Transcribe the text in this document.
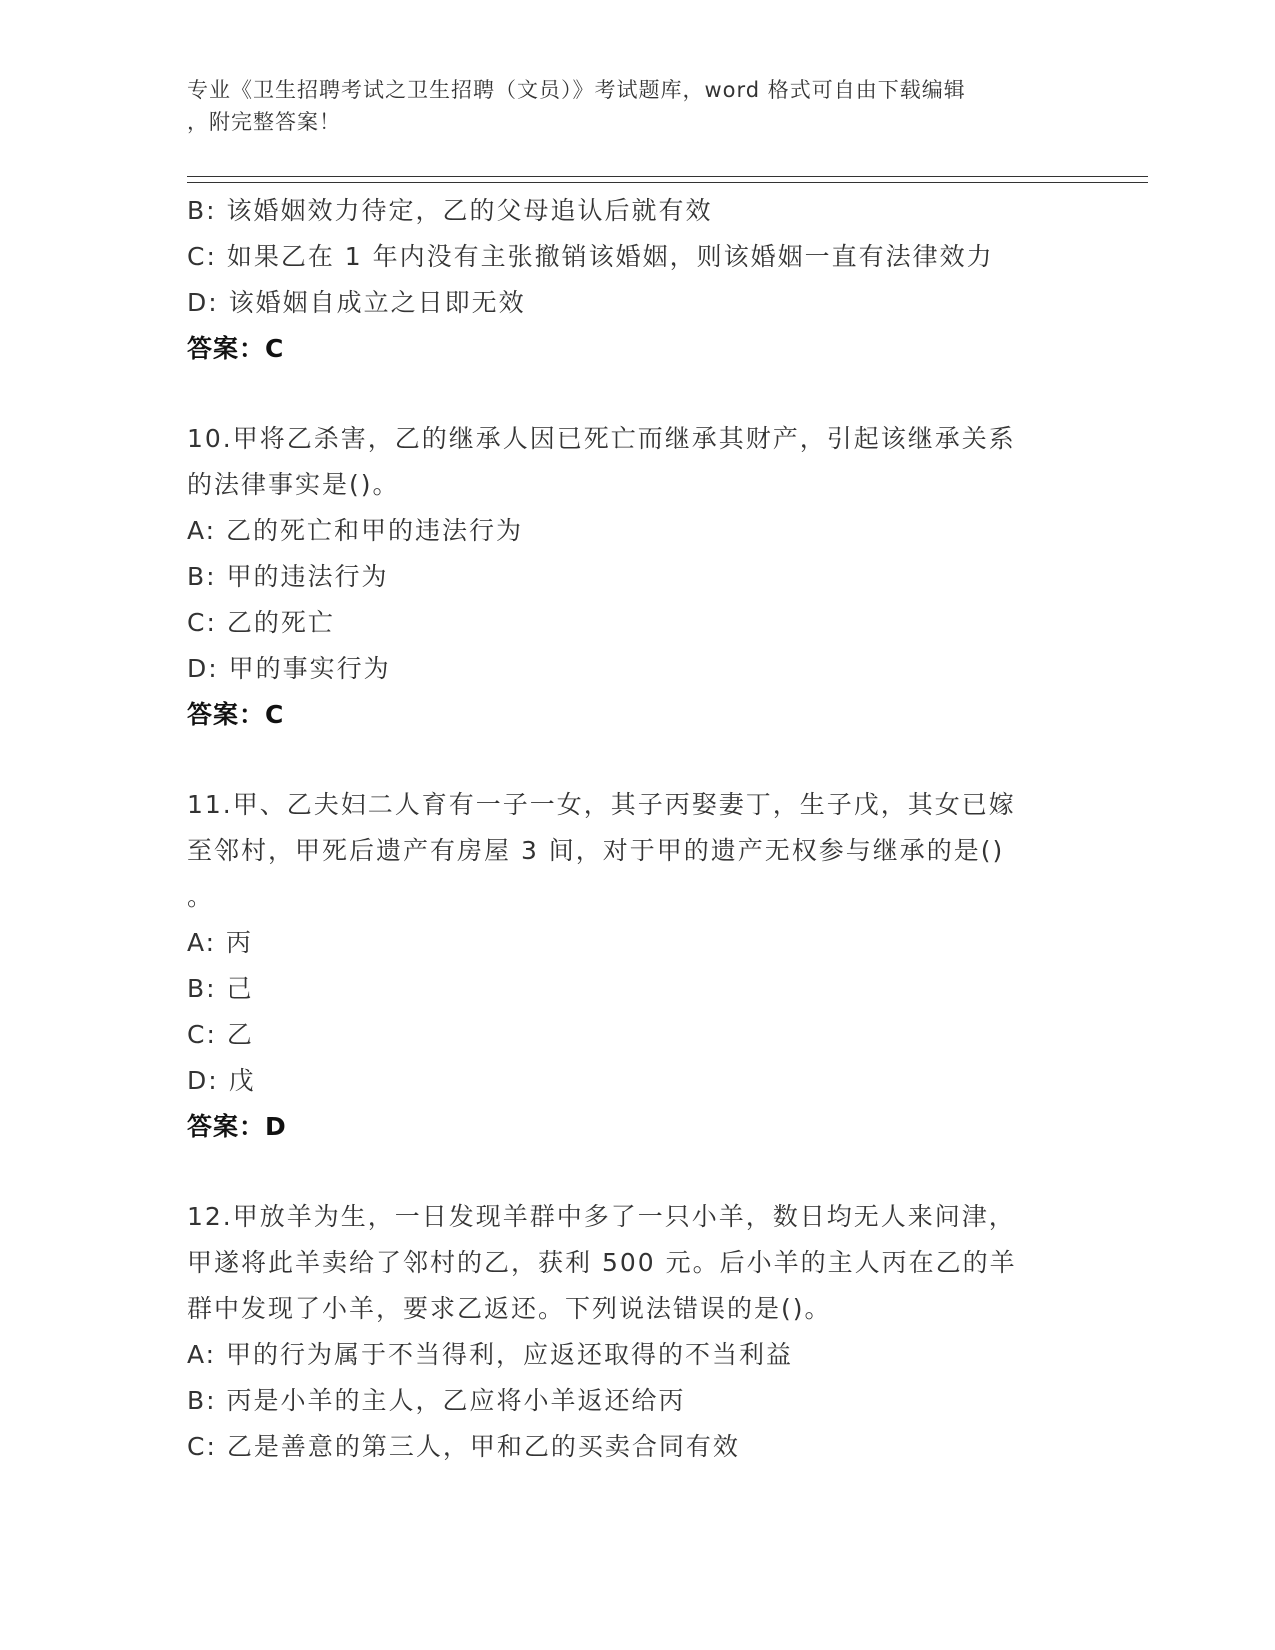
专业《卫生招聘考试之卫生招聘（文员）》考试题库，word 格式可自由下载编辑
，附完整答案！
B: 该婚姻效力待定，乙的父母追认后就有效
C: 如果乙在 1 年内没有主张撤销该婚姻，则该婚姻一直有法律效力
D: 该婚姻自成立之日即无效
答案：C
10.甲将乙杀害，乙的继承人因已死亡而继承其财产，引起该继承关系
的法律事实是()。
A: 乙的死亡和甲的违法行为
B: 甲的违法行为
C: 乙的死亡
D: 甲的事实行为
答案：C
11.甲、乙夫妇二人育有一子一女，其子丙娶妻丁，生子戊，其女已嫁
至邻村，甲死后遗产有房屋 3 间，对于甲的遗产无权参与继承的是()
。
A: 丙
B: 己
C: 乙
D: 戊
答案：D
12.甲放羊为生，一日发现羊群中多了一只小羊，数日均无人来问津，
甲遂将此羊卖给了邻村的乙，获利 500 元。后小羊的主人丙在乙的羊
群中发现了小羊，要求乙返还。下列说法错误的是()。
A: 甲的行为属于不当得利，应返还取得的不当利益
B: 丙是小羊的主人，乙应将小羊返还给丙
C: 乙是善意的第三人，甲和乙的买卖合同有效
